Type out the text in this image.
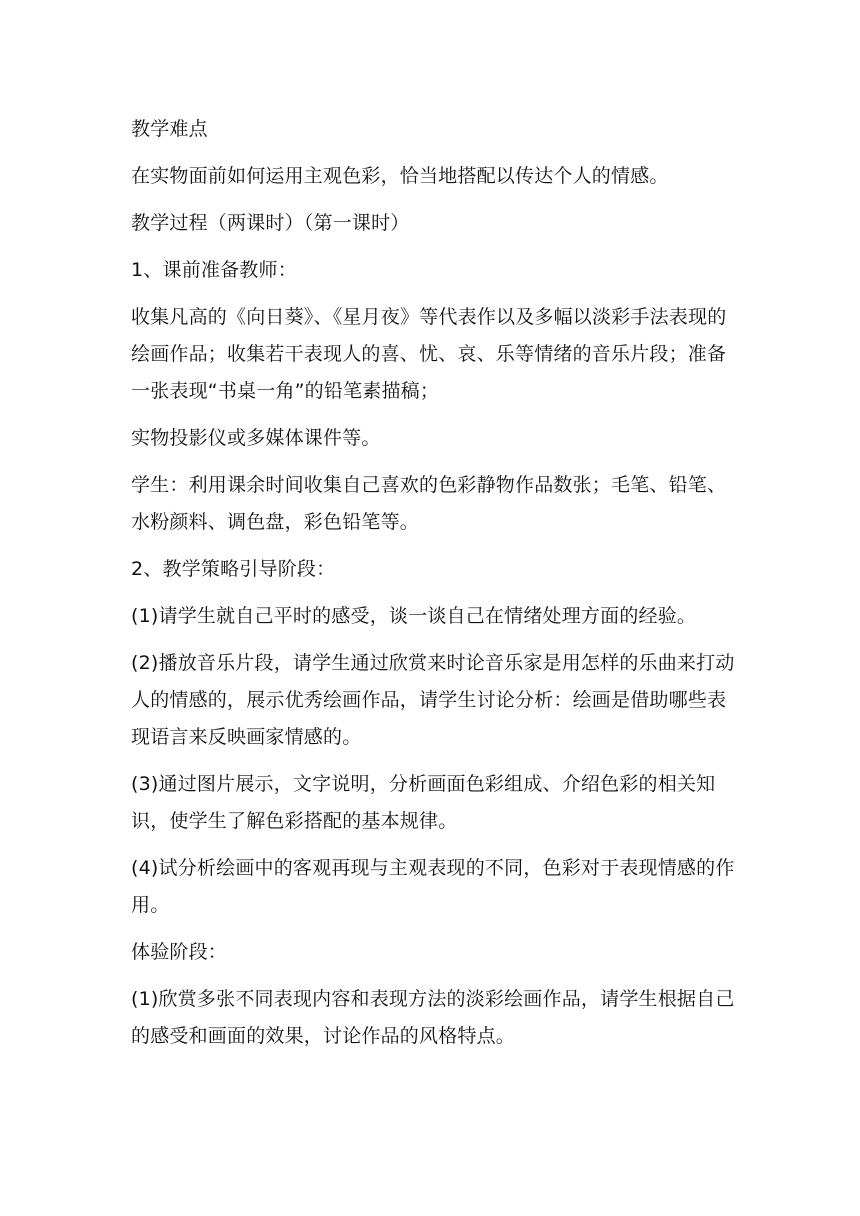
教学难点

在实物面前如何运用主观色彩，恰当地搭配以传达个人的情感。

教学过程（两课时）（第一课时）

1、课前准备教师：

收集凡高的《向日葵》、《星月夜》等代表作以及多幅以淡彩手法表现的绘画作品；收集若干表现人的喜、忧、哀、乐等情绪的音乐片段；准备一张表现“书桌一角”的铅笔素描稿；

实物投影仪或多媒体课件等。

学生：利用课余时间收集自己喜欢的色彩静物作品数张；毛笔、铅笔、水粉颜料、调色盘，彩色铅笔等。

2、教学策略引导阶段：

(1)请学生就自己平时的感受，谈一谈自己在情绪处理方面的经验。

(2)播放音乐片段，请学生通过欣赏来时论音乐家是用怎样的乐曲来打动人的情感的，展示优秀绘画作品，请学生讨论分析：绘画是借助哪些表现语言来反映画家情感的。

(3)通过图片展示，文字说明，分析画面色彩组成、介绍色彩的相关知识，使学生了解色彩搭配的基本规律。

(4)试分析绘画中的客观再现与主观表现的不同，色彩对于表现情感的作用。

体验阶段：

(1)欣赏多张不同表现内容和表现方法的淡彩绘画作品，请学生根据自己的感受和画面的效果，讨论作品的风格特点。
